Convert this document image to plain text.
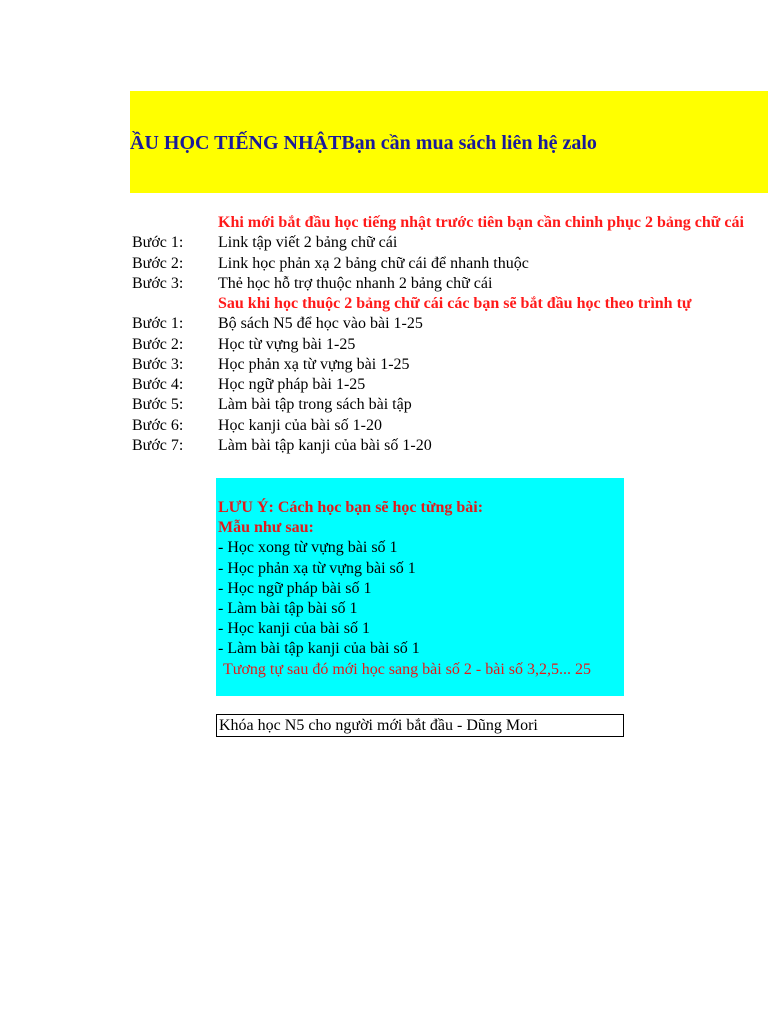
ẦU HỌC TIẾNG NHẬTBạn cần mua sách liên hệ zalo
Khi mới bắt đầu học tiếng nhật trước tiên bạn cần chinh phục 2 bảng chữ cái
Bước 1: Link tập viết 2 bảng chữ cái
Bước 2: Link học phản xạ 2 bảng chữ cái để nhanh thuộc
Bước 3: Thẻ học hỗ trợ thuộc nhanh 2 bảng chữ cái
Sau khi học thuộc 2 bảng chữ cái các bạn sẽ bắt đầu học theo trình tự
Bước 1: Bộ sách N5 để học vào bài 1-25
Bước 2: Học từ vựng bài 1-25
Bước 3: Học phản xạ từ vựng bài 1-25
Bước 4: Học ngữ pháp bài 1-25
Bước 5: Làm bài tập trong sách bài tập
Bước 6: Học kanji của bài số 1-20
Bước 7: Làm bài tập kanji của bài số 1-20
LƯU Ý: Cách học bạn sẽ học từng bài:
Mẫu như sau:
- Học xong từ vựng bài số 1
- Học phản xạ từ vựng bài số 1
- Học ngữ pháp bài số 1
- Làm bài tập bài số 1
- Học kanji của bài số 1
- Làm bài tập kanji của bài số 1
Tương tự sau đó mới học sang bài số 2 - bài số 3,2,5... 25
Khóa học N5 cho người mới bắt đầu - Dũng Mori
